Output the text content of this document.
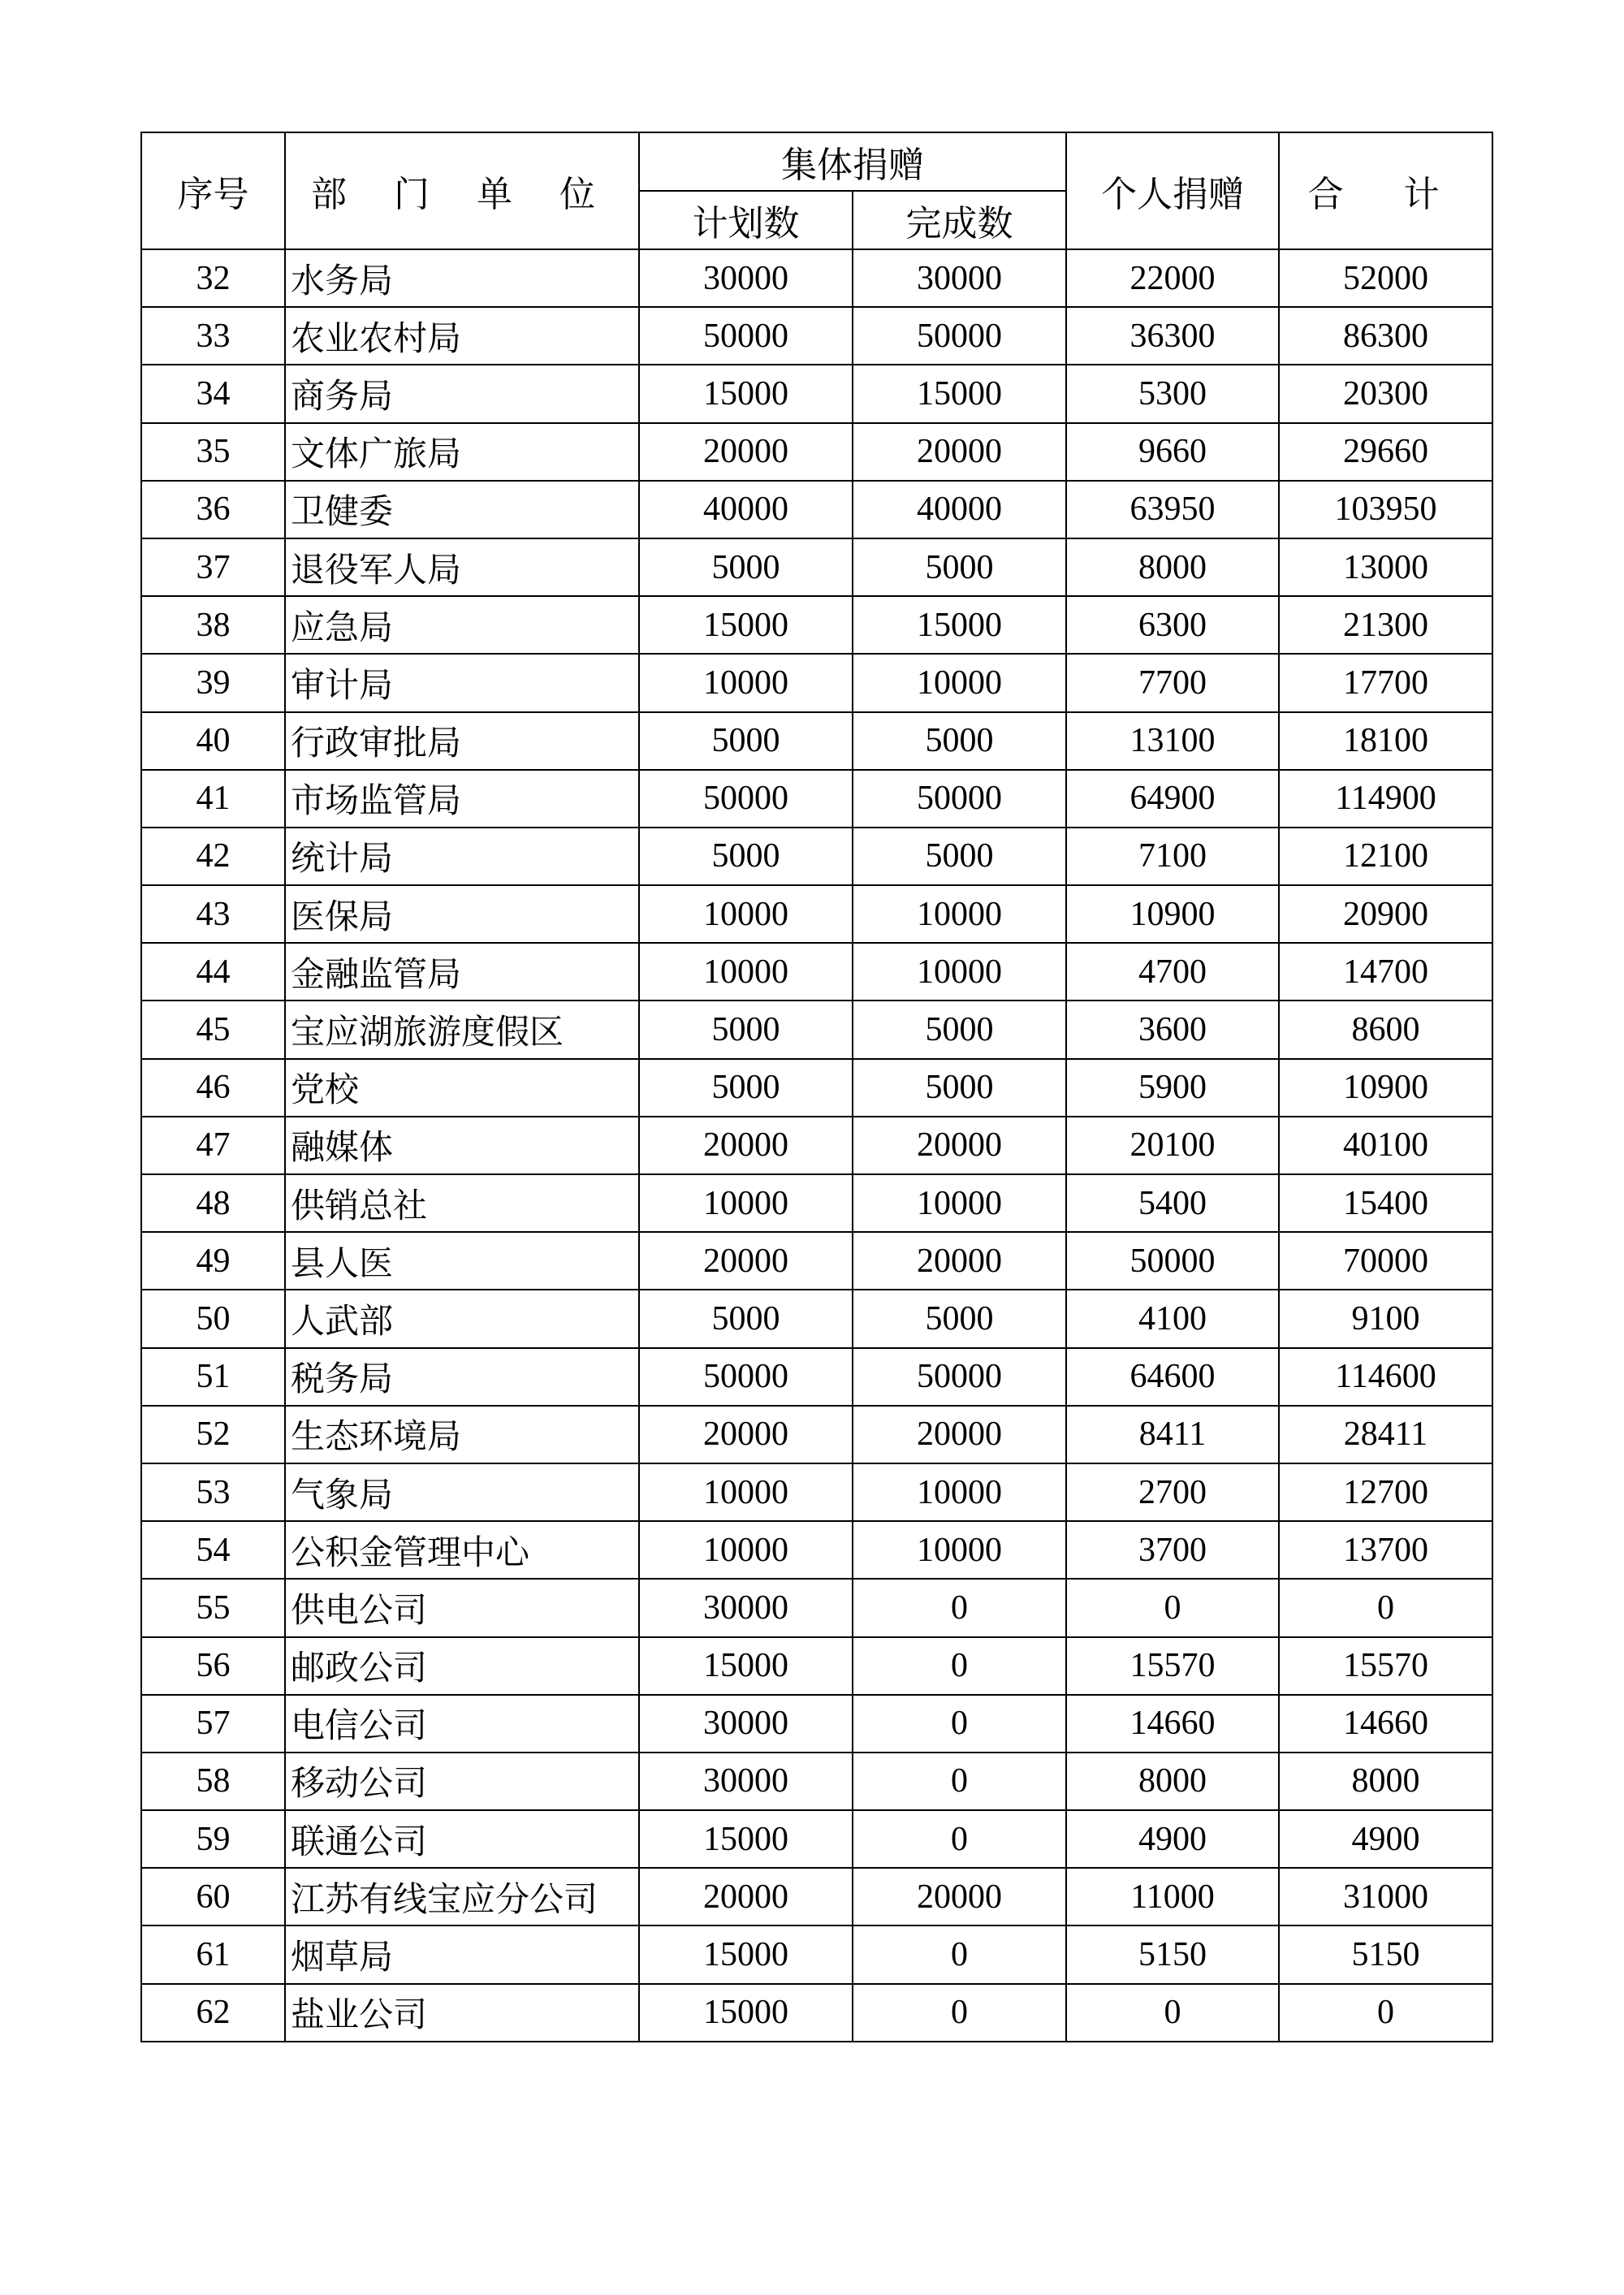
序号	部 门 单 位	集体捐赠		个人捐赠	合 计
		计划数	完成数		
32	水务局	30000	30000	22000	52000
33	农业农村局	50000	50000	36300	86300
34	商务局	15000	15000	5300	20300
35	文体广旅局	20000	20000	9660	29660
36	卫健委	40000	40000	63950	103950
37	退役军人局	5000	5000	8000	13000
38	应急局	15000	15000	6300	21300
39	审计局	10000	10000	7700	17700
40	行政审批局	5000	5000	13100	18100
41	市场监管局	50000	50000	64900	114900
42	统计局	5000	5000	7100	12100
43	医保局	10000	10000	10900	20900
44	金融监管局	10000	10000	4700	14700
45	宝应湖旅游度假区	5000	5000	3600	8600
46	党校	5000	5000	5900	10900
47	融媒体	20000	20000	20100	40100
48	供销总社	10000	10000	5400	15400
49	县人医	20000	20000	50000	70000
50	人武部	5000	5000	4100	9100
51	税务局	50000	50000	64600	114600
52	生态环境局	20000	20000	8411	28411
53	气象局	10000	10000	2700	12700
54	公积金管理中心	10000	10000	3700	13700
55	供电公司	30000	0	0	0
56	邮政公司	15000	0	15570	15570
57	电信公司	30000	0	14660	14660
58	移动公司	30000	0	8000	8000
59	联通公司	15000	0	4900	4900
60	江苏有线宝应分公司	20000	20000	11000	31000
61	烟草局	15000	0	5150	5150
62	盐业公司	15000	0	0	0
